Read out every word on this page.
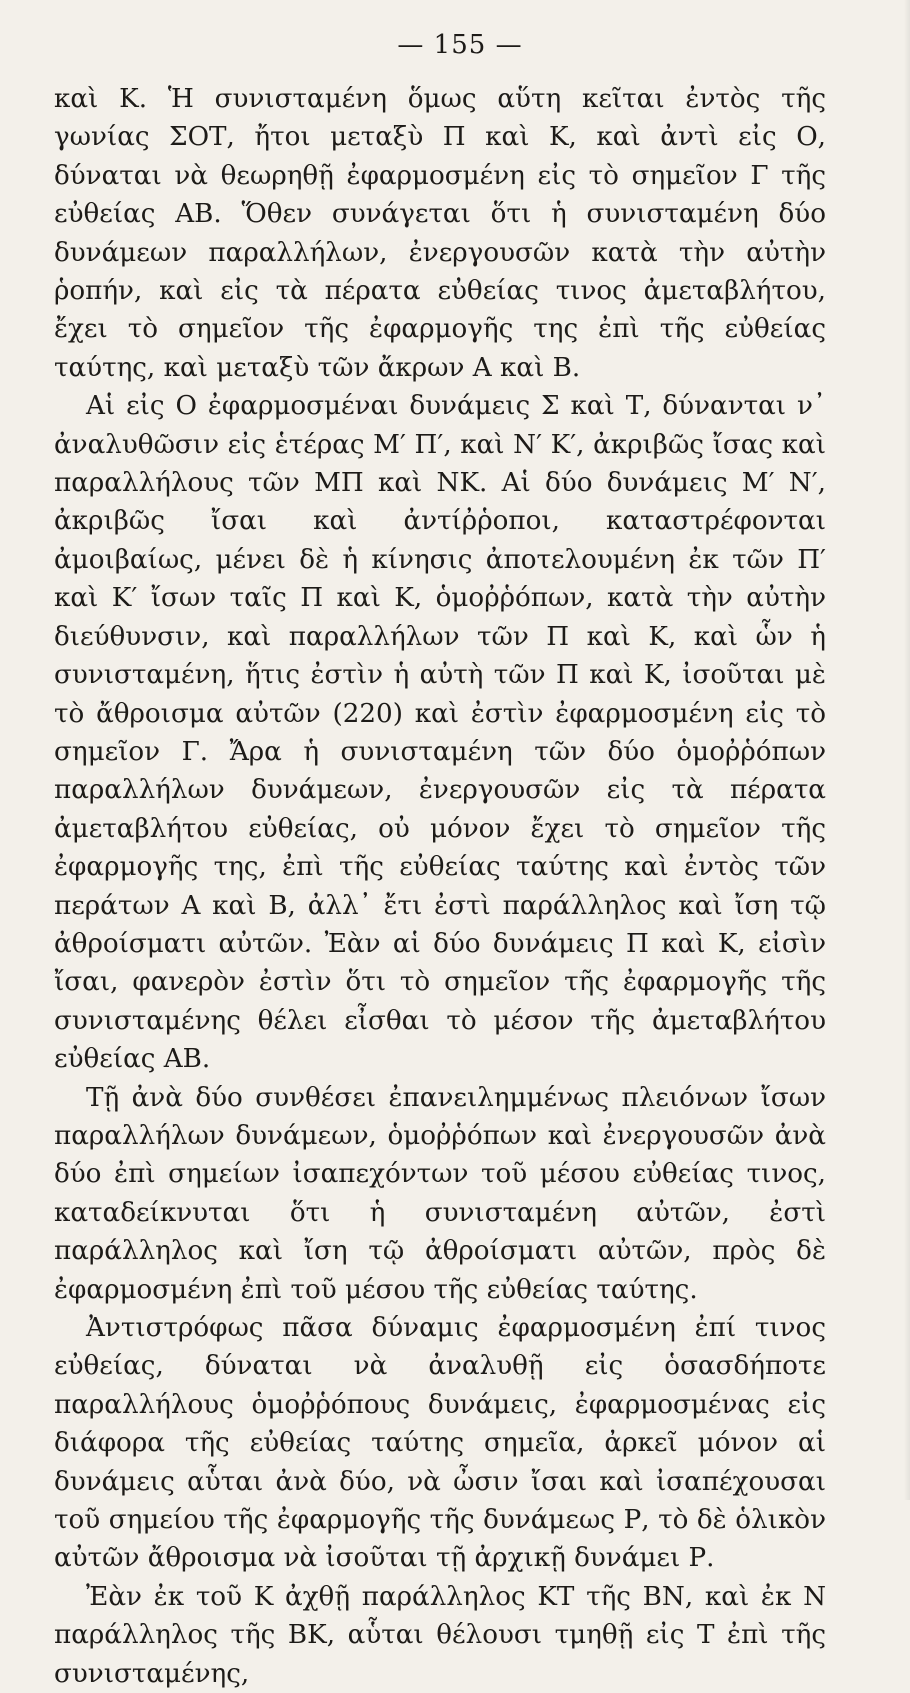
— 155 —

καὶ Κ. Ἡ συνισταμένη ὅμως αὕτη κεῖται ἐντὸς τῆς γωνίας ΣΟΤ, ἤτοι μεταξὺ Π καὶ Κ, καὶ ἀντὶ εἰς Ο, δύναται νὰ θεωρηθῇ ἐφαρμοσμένη εἰς τὸ σημεῖον Γ τῆς εὐθείας ΑΒ. Ὅθεν συνάγεται ὅτι ἡ συνισταμένη δύο δυνάμεων παραλλήλων, ἐνεργουσῶν κατὰ τὴν αὐτὴν ῥοπήν, καὶ εἰς τὰ πέρατα εὐθείας τινος ἀμεταβλήτου, ἔχει τὸ σημεῖον τῆς ἐφαρμογῆς της ἐπὶ τῆς εὐθείας ταύτης, καὶ μεταξὺ τῶν ἄκρων Α καὶ Β.

Αἱ εἰς Ο ἐφαρμοσμέναι δυνάμεις Σ καὶ Τ, δύνανται ν᾽ ἀναλυθῶσιν εἰς ἑτέρας Μ′ Π′, καὶ Ν′ Κ′, ἀκριβῶς ἴσας καὶ παραλλήλους τῶν ΜΠ καὶ ΝΚ. Αἱ δύο δυνάμεις Μ′ Ν′, ἀκριβῶς ἴσαι καὶ ἀντίῤῥοποι, καταστρέφονται ἀμοιβαίως, μένει δὲ ἡ κίνησις ἀποτελουμένη ἐκ τῶν Π′ καὶ Κ′ ἴσων ταῖς Π καὶ Κ, ὁμοῤῥόπων, κατὰ τὴν αὐτὴν διεύθυνσιν, καὶ παραλλήλων τῶν Π καὶ Κ, καὶ ὧν ἡ συνισταμένη, ἥτις ἐστὶν ἡ αὐτὴ τῶν Π καὶ Κ, ἰσοῦται μὲ τὸ ἄθροισμα αὐτῶν (220) καὶ ἐστὶν ἐφαρμοσμένη εἰς τὸ σημεῖον Γ. Ἄρα ἡ συνισταμένη τῶν δύο ὁμοῤῥόπων παραλλήλων δυνάμεων, ἐνεργουσῶν εἰς τὰ πέρατα ἀμεταβλήτου εὐθείας, οὐ μόνον ἔχει τὸ σημεῖον τῆς ἐφαρμογῆς της, ἐπὶ τῆς εὐθείας ταύτης καὶ ἐντὸς τῶν περάτων Α καὶ Β, ἀλλ᾽ ἔτι ἐστὶ παράλληλος καὶ ἴση τῷ ἀθροίσματι αὐτῶν. Ἐὰν αἱ δύο δυνάμεις Π καὶ Κ, εἰσὶν ἴσαι, φανερὸν ἐστὶν ὅτι τὸ σημεῖον τῆς ἐφαρμογῆς τῆς συνισταμένης θέλει εἶσθαι τὸ μέσον τῆς ἀμεταβλήτου εὐθείας ΑΒ.

Τῇ ἀνὰ δύο συνθέσει ἐπανειλημμένως πλειόνων ἴσων παραλλήλων δυνάμεων, ὁμοῤῥόπων καὶ ἐνεργουσῶν ἀνὰ δύο ἐπὶ σημείων ἰσαπεχόντων τοῦ μέσου εὐθείας τινος, καταδείκνυται ὅτι ἡ συνισταμένη αὐτῶν, ἐστὶ παράλληλος καὶ ἴση τῷ ἀθροίσματι αὐτῶν, πρὸς δὲ ἐφαρμοσμένη ἐπὶ τοῦ μέσου τῆς εὐθείας ταύτης.

Ἀντιστρόφως πᾶσα δύναμις ἐφαρμοσμένη ἐπί τινος εὐθείας, δύναται νὰ ἀναλυθῇ εἰς ὁσασδήποτε παραλλήλους ὁμοῤῥόπους δυνάμεις, ἐφαρμοσμένας εἰς διάφορα τῆς εὐθείας ταύτης σημεῖα, ἀρκεῖ μόνον αἱ δυνάμεις αὗται ἀνὰ δύο, νὰ ὦσιν ἴσαι καὶ ἰσαπέχουσαι τοῦ σημείου τῆς ἐφαρμογῆς τῆς δυνάμεως Ρ, τὸ δὲ ὁλικὸν αὐτῶν ἄθροισμα νὰ ἰσοῦται τῇ ἀρχικῇ δυνάμει Ρ.

Ἐὰν ἐκ τοῦ Κ ἀχθῇ παράλληλος ΚΤ τῆς ΒΝ, καὶ ἐκ Ν παράλληλος τῆς ΒΚ, αὗται θέλουσι τμηθῇ εἰς Τ ἐπὶ τῆς συνισταμένης,
